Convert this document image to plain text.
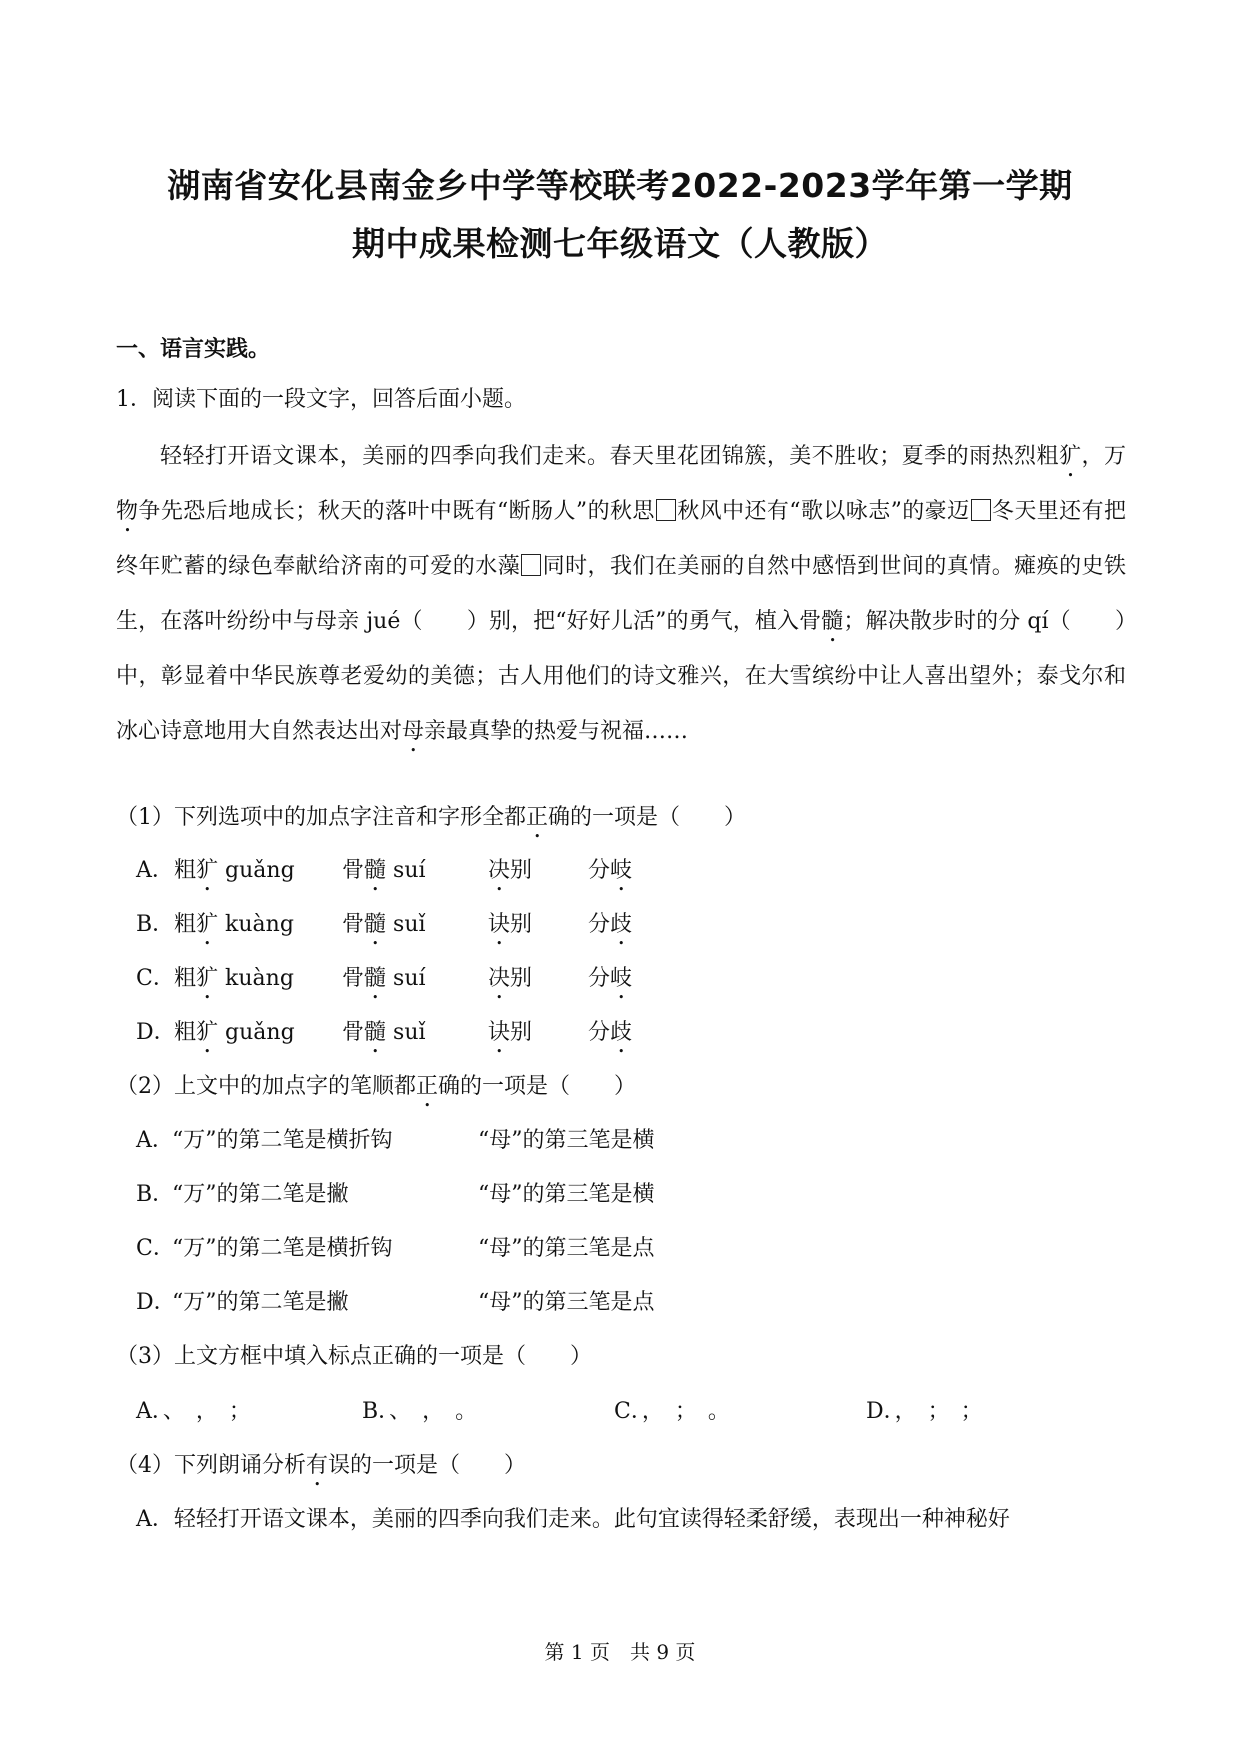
湖南省安化县南金乡中学等校联考2022-2023学年第一学期
期中成果检测七年级语文（人教版）
一、语言实践。
1．阅读下面的一段文字，回答后面小题。

轻轻打开语文课本，美丽的四季向我们走来。春天里花团锦簇，美不胜收；夏季的雨热烈粗犷，万物争先恐后地成长；秋天的落叶中既有“断肠人”的秋思 秋风中还有“歌以咏志”的豪迈 冬天里还有把终年贮蓄的绿色奉献给济南的可爱的水藻 同时，我们在美丽的自然中感悟到世间的真情。瘫痪的史铁生，在落叶纷纷中与母亲 jué（　　）别，把“好好儿活”的勇气，植入骨髓；解决散步时的分 qí（　　）中，彰显着中华民族尊老爱幼的美德；古人用他们的诗文雅兴，在大雪缤纷中让人喜出望外；泰戈尔和冰心诗意地用大自然表达出对母亲最真挚的热爱与祝福……

（1）下列选项中的加点字注音和字形全都正确的一项是（　　）
A． 粗犷 guǎng 骨髓 suí	决别	分岐
B． 粗犷 kuàng 骨髓 suǐ	诀别	分歧
C． 粗犷 kuàng 骨髓 suí	决别	分岐
D．
粗犷 guǎng 骨髓 suǐ	诀别	分歧
（2）上文中的加点字的笔顺都正确的一项是（　　）
A．
“万”的第二笔是横折钩	“母”的第三笔是横
B．
“万”的第二笔是撇	“母”的第三笔是横
C．
“万”的第二笔是横折钩	“母”的第三笔是点
D．
“万”的第二笔是撇	“母”的第三笔是点
（3）上文方框中填入标点正确的一项是（　　）
A．、　，　；	B．、　，　。	C．，　；　。	D．，　；　；
（4）下列朗诵分析有误的一项是（　　）
A．轻轻打开语文课本，美丽的四季向我们走来。此句宜读得轻柔舒缓，表现出一种神秘好
第 1 页　共 9 页
